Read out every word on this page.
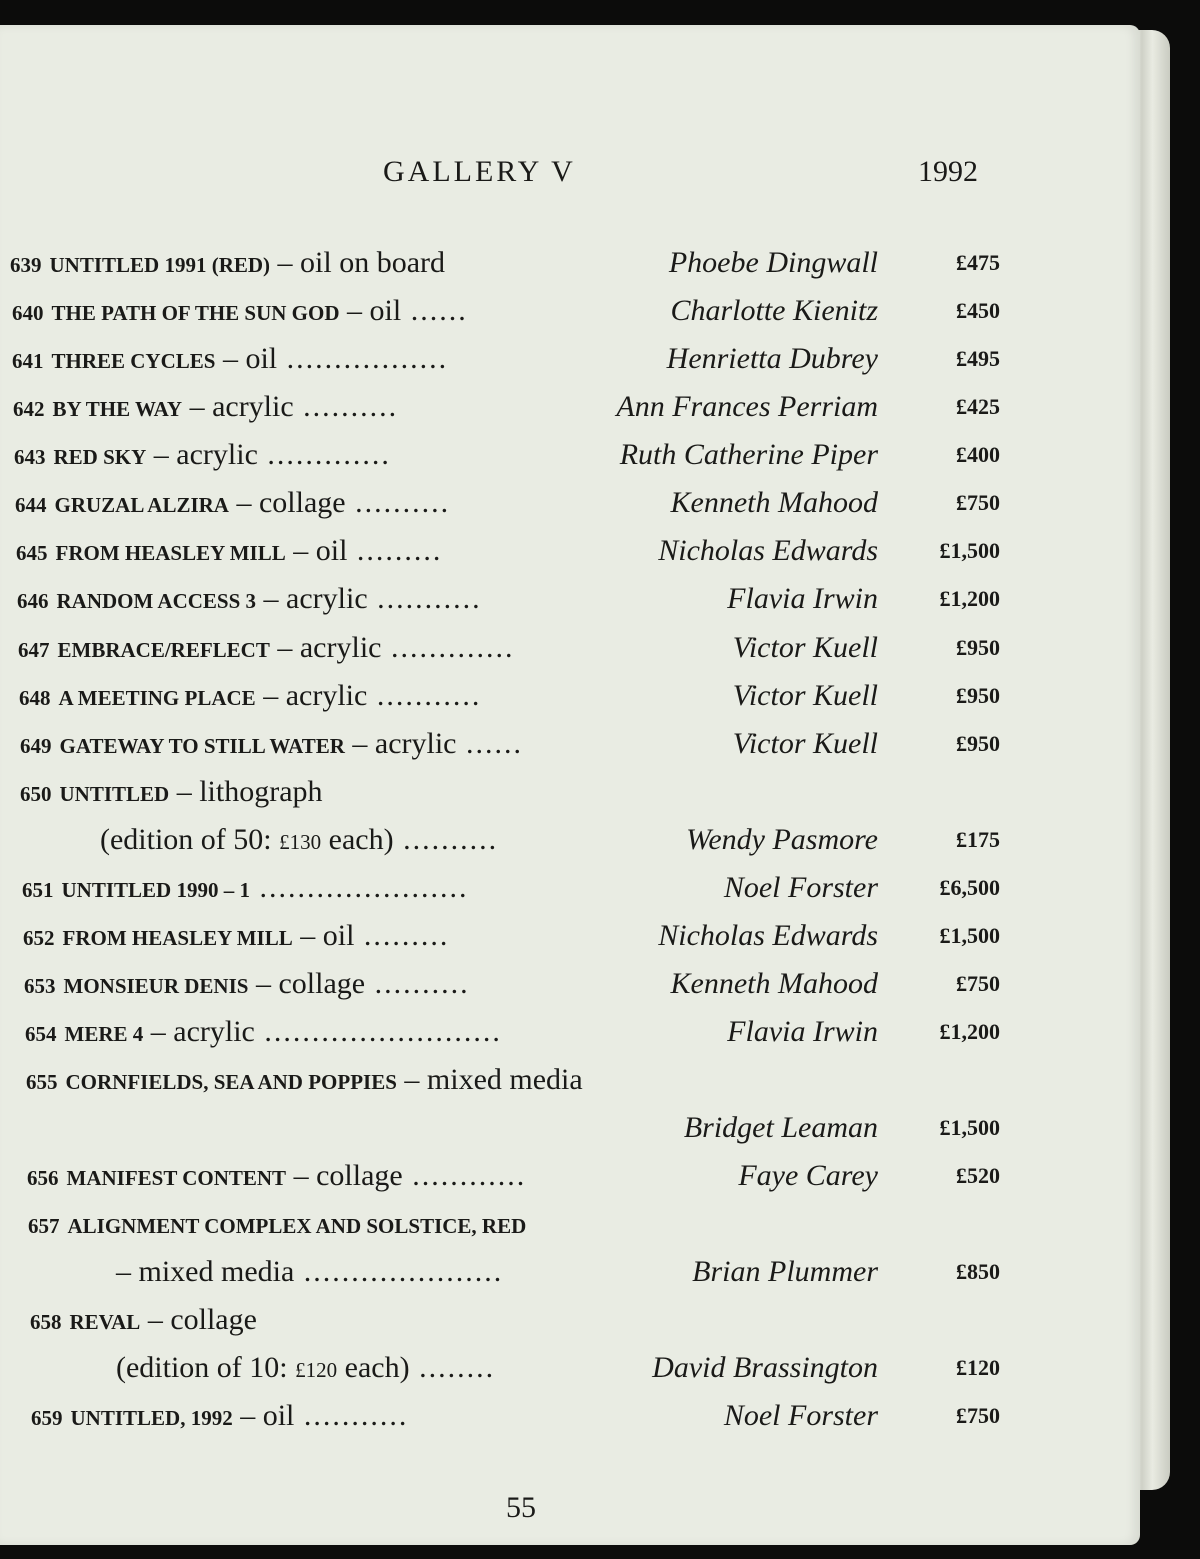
GALLERY V	1992
639 UNTITLED 1991 (RED) – oil on board	Phoebe Dingwall	£475
640 THE PATH OF THE SUN GOD – oil ......	Charlotte Kienitz	£450
641 THREE CYCLES – oil .................	Henrietta Dubrey	£495
642 BY THE WAY – acrylic ..........	Ann Frances Perriam	£425
643 RED SKY – acrylic .............	Ruth Catherine Piper	£400
644 GRUZAL ALZIRA – collage ..........	Kenneth Mahood	£750
645 FROM HEASLEY MILL – oil .........	Nicholas Edwards	£1,500
646 RANDOM ACCESS 3 – acrylic ...........	Flavia Irwin	£1,200
647 EMBRACE/REFLECT – acrylic .............	Victor Kuell	£950
648 A MEETING PLACE – acrylic ...........	Victor Kuell	£950
649 GATEWAY TO STILL WATER – acrylic ......	Victor Kuell	£950
650 UNTITLED – lithograph
(edition of 50: £130 each) ..........	Wendy Pasmore	£175
651 UNTITLED 1990 – 1 ......................	Noel Forster	£6,500
652 FROM HEASLEY MILL – oil .........	Nicholas Edwards	£1,500
653 MONSIEUR DENIS – collage ..........	Kenneth Mahood	£750
654 MERE 4 – acrylic .........................	Flavia Irwin	£1,200
655 CORNFIELDS, SEA AND POPPIES – mixed media
Bridget Leaman	£1,500
656 MANIFEST CONTENT – collage ............	Faye Carey	£520
657 ALIGNMENT COMPLEX AND SOLSTICE, RED
– mixed media .....................	Brian Plummer	£850
658 REVAL – collage
(edition of 10: £120 each) ........	David Brassington	£120
659 UNTITLED, 1992 – oil ...........	Noel Forster	£750
55
